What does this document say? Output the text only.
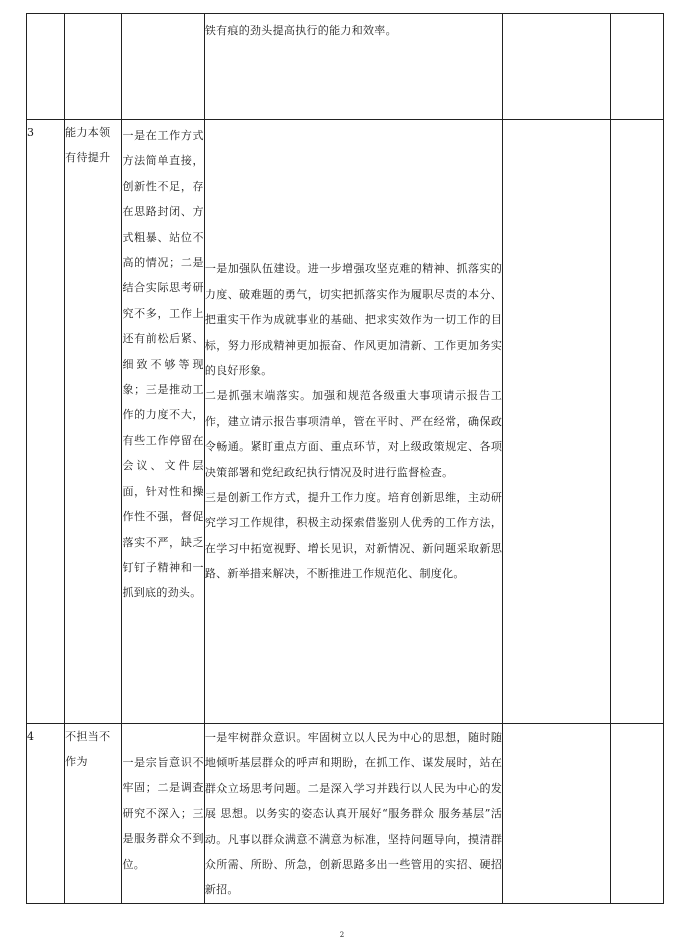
			铁有痕的劲头提高执行的能力和效率。		

3	能力本领有待提升	一是在工作方式方法简单直接，创新性不足，存在思路封闭、方式粗暴、站位不高的情况；二是结合实际思考研究不多，工作上还有前松后紧、细致不够等现象；三是推动工作的力度不大，有些工作停留在会议、文件层面，针对性和操作性不强，督促落实不严，缺乏钉钉子精神和一抓到底的劲头。	一是加强队伍建设。进一步增强攻坚克难的精神、抓落实的力度、破难题的勇气，切实把抓落实作为履职尽责的本分、把重实干作为成就事业的基础、把求实效作为一切工作的目标，努力形成精神更加振奋、作风更加清新、工作更加务实的良好形象。
二是抓强末端落实。加强和规范各级重大事项请示报告工作，建立请示报告事项清单，管在平时、严在经常，确保政令畅通。紧盯重点方面、重点环节，对上级政策规定、各项决策部署和党纪政纪执行情况及时进行监督检查。
三是创新工作方式，提升工作力度。培育创新思维，主动研究学习工作规律，积极主动探索借鉴别人优秀的工作方法，在学习中拓宽视野、增长见识，对新情况、新问题采取新思路、新举措来解决，不断推进工作规范化、制度化。		

4	不担当不作为	一是宗旨意识不牢固；二是调查研究不深入；三是服务群众不到位。	一是牢树群众意识。牢固树立以人民为中心的思想，随时随地倾听基层群众的呼声和期盼，在抓工作、谋发展时，站在群众立场思考问题。二是深入学习并践行以人民为中心的发展 思想。以务实的姿态认真开展好“服务群众 服务基层”活动。凡事以群众满意不满意为标准，坚持问题导向，摸清群众所需、所盼、所急，创新思路多出一些管用的实招、硬招新招。		

2
